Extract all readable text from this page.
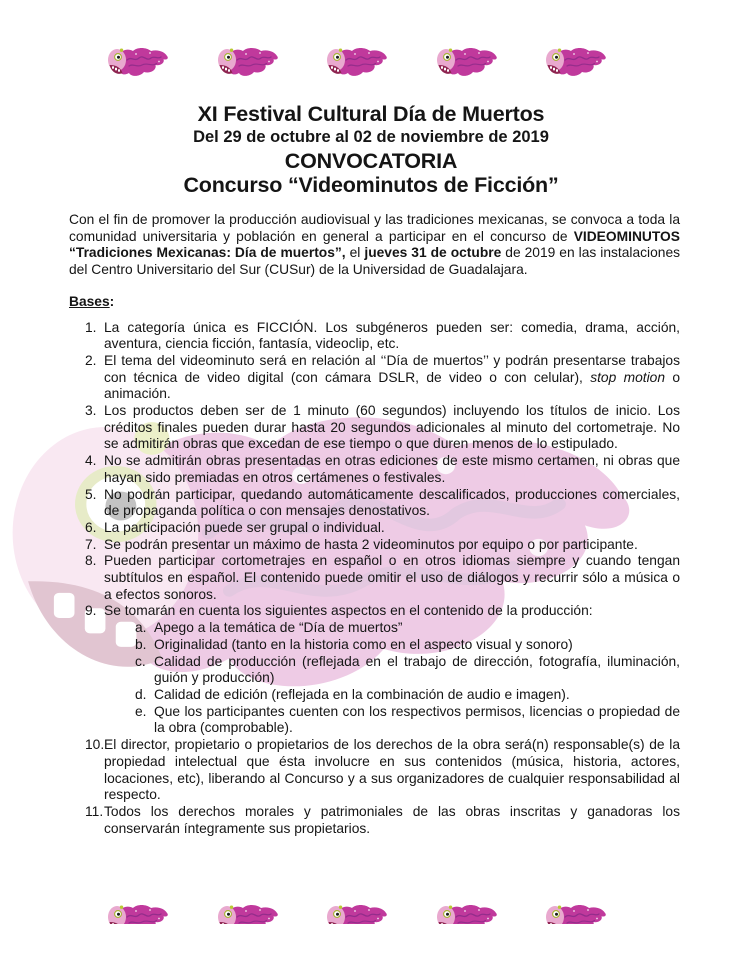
XI Festival Cultural Día de Muertos
Del 29 de octubre al 02 de noviembre de 2019
CONVOCATORIA
Concurso “Videominutos de Ficción”

Con el fin de promover la producción audiovisual y las tradiciones mexicanas, se convoca a toda la comunidad universitaria y población en general a participar en el concurso de VIDEOMINUTOS “Tradiciones Mexicanas: Día de muertos”, el jueves 31 de octubre de 2019 en las instalaciones del Centro Universitario del Sur (CUSur) de la Universidad de Guadalajara.

Bases:

1. La categoría única es FICCIÓN. Los subgéneros pueden ser: comedia, drama, acción, aventura, ciencia ficción, fantasía, videoclip, etc.
2. El tema del videominuto será en relación al ‘‘Día de muertos’’ y podrán presentarse trabajos con técnica de video digital (con cámara DSLR, de video o con celular), stop motion o animación.
3. Los productos deben ser de 1 minuto (60 segundos) incluyendo los títulos de inicio. Los créditos finales pueden durar hasta 20 segundos adicionales al minuto del cortometraje. No se admitirán obras que excedan de ese tiempo o que duren menos de lo estipulado.
4. No se admitirán obras presentadas en otras ediciones de este mismo certamen, ni obras que hayan sido premiadas en otros certámenes o festivales.
5. No podrán participar, quedando automáticamente descalificados, producciones comerciales, de propaganda política o con mensajes denostativos.
6. La participación puede ser grupal o individual.
7. Se podrán presentar un máximo de hasta 2 videominutos por equipo o por participante.
8. Pueden participar cortometrajes en español o en otros idiomas siempre y cuando tengan subtítulos en español. El contenido puede omitir el uso de diálogos y recurrir sólo a música o a efectos sonoros.
9. Se tomarán en cuenta los siguientes aspectos en el contenido de la producción:
a. Apego a la temática de “Día de muertos”
b. Originalidad (tanto en la historia como en el aspecto visual y sonoro)
c. Calidad de producción (reflejada en el trabajo de dirección, fotografía, iluminación, guión y producción)
d. Calidad de edición (reflejada en la combinación de audio e imagen).
e. Que los participantes cuenten con los respectivos permisos, licencias o propiedad de la obra (comprobable).
10. El director, propietario o propietarios de los derechos de la obra será(n) responsable(s) de la propiedad intelectual que ésta involucre en sus contenidos (música, historia, actores, locaciones, etc), liberando al Concurso y a sus organizadores de cualquier responsabilidad al respecto.
11. Todos los derechos morales y patrimoniales de las obras inscritas y ganadoras los conservarán íntegramente sus propietarios.
